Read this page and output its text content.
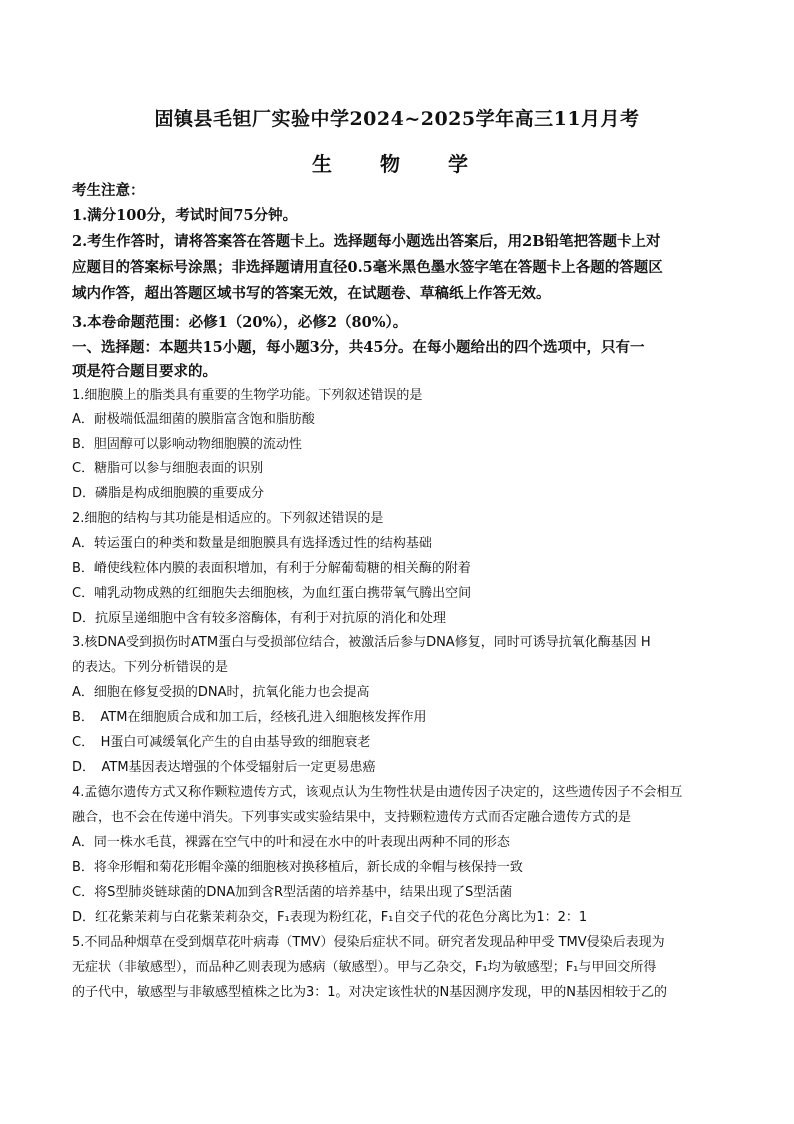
固镇县毛钽厂实验中学2024~2025学年高三11月月考
生　物　学
考生注意：
1.满分100分，考试时间75分钟。
2.考生作答时，请将答案答在答题卡上。选择题每小题选出答案后，用2B铅笔把答题卡上对
应题目的答案标号涂黑；非选择题请用直径0.5毫米黑色墨水签字笔在答题卡上各题的答题区
域内作答，超出答题区域书写的答案无效，在试题卷、草稿纸上作答无效。
3.本卷命题范围：必修1（20%），必修2（80%）。
一、选择题：本题共15小题，每小题3分，共45分。在每小题给出的四个选项中，只有一
项是符合题目要求的。
1.细胞膜上的脂类具有重要的生物学功能。下列叙述错误的是
A．耐极端低温细菌的膜脂富含饱和脂肪酸
B．胆固醇可以影响动物细胞膜的流动性
C．糖脂可以参与细胞表面的识别
D．磷脂是构成细胞膜的重要成分
2.细胞的结构与其功能是相适应的。下列叙述错误的是
A．转运蛋白的种类和数量是细胞膜具有选择透过性的结构基础
B．嵴使线粒体内膜的表面积增加，有利于分解葡萄糖的相关酶的附着
C．哺乳动物成熟的红细胞失去细胞核，为血红蛋白携带氧气腾出空间
D．抗原呈递细胞中含有较多溶酶体，有利于对抗原的消化和处理
3.核DNA受到损伤时ATM蛋白与受损部位结合，被激活后参与DNA修复，同时可诱导抗氧化酶基因 H
的表达。下列分析错误的是
A．细胞在修复受损的DNA时，抗氧化能力也会提高
B．　ATM在细胞质合成和加工后，经核孔进入细胞核发挥作用
C．　H蛋白可减缓氧化产生的自由基导致的细胞衰老
D．　ATM基因表达增强的个体受辐射后一定更易患癌
4.孟德尔遗传方式又称作颗粒遗传方式，该观点认为生物性状是由遗传因子决定的，这些遗传因子不会相互
融合，也不会在传递中消失。下列事实或实验结果中，支持颗粒遗传方式而否定融合遗传方式的是
A．同一株水毛茛，裸露在空气中的叶和浸在水中的叶表现出两种不同的形态
B．将伞形帽和菊花形帽伞藻的细胞核对换移植后，新长成的伞帽与核保持一致
C．将S型肺炎链球菌的DNA加到含R型活菌的培养基中，结果出现了S型活菌
D．红花紫茉莉与白花紫茉莉杂交，F₁表现为粉红花，F₁自交子代的花色分离比为1：2：1
5.不同品种烟草在受到烟草花叶病毒（TMV）侵染后症状不同。研究者发现品种甲受 TMV侵染后表现为
无症状（非敏感型），而品种乙则表现为感病（敏感型）。甲与乙杂交，F₁均为敏感型；F₁与甲回交所得
的子代中，敏感型与非敏感型植株之比为3：1。对决定该性状的N基因测序发现，甲的N基因相较于乙的
